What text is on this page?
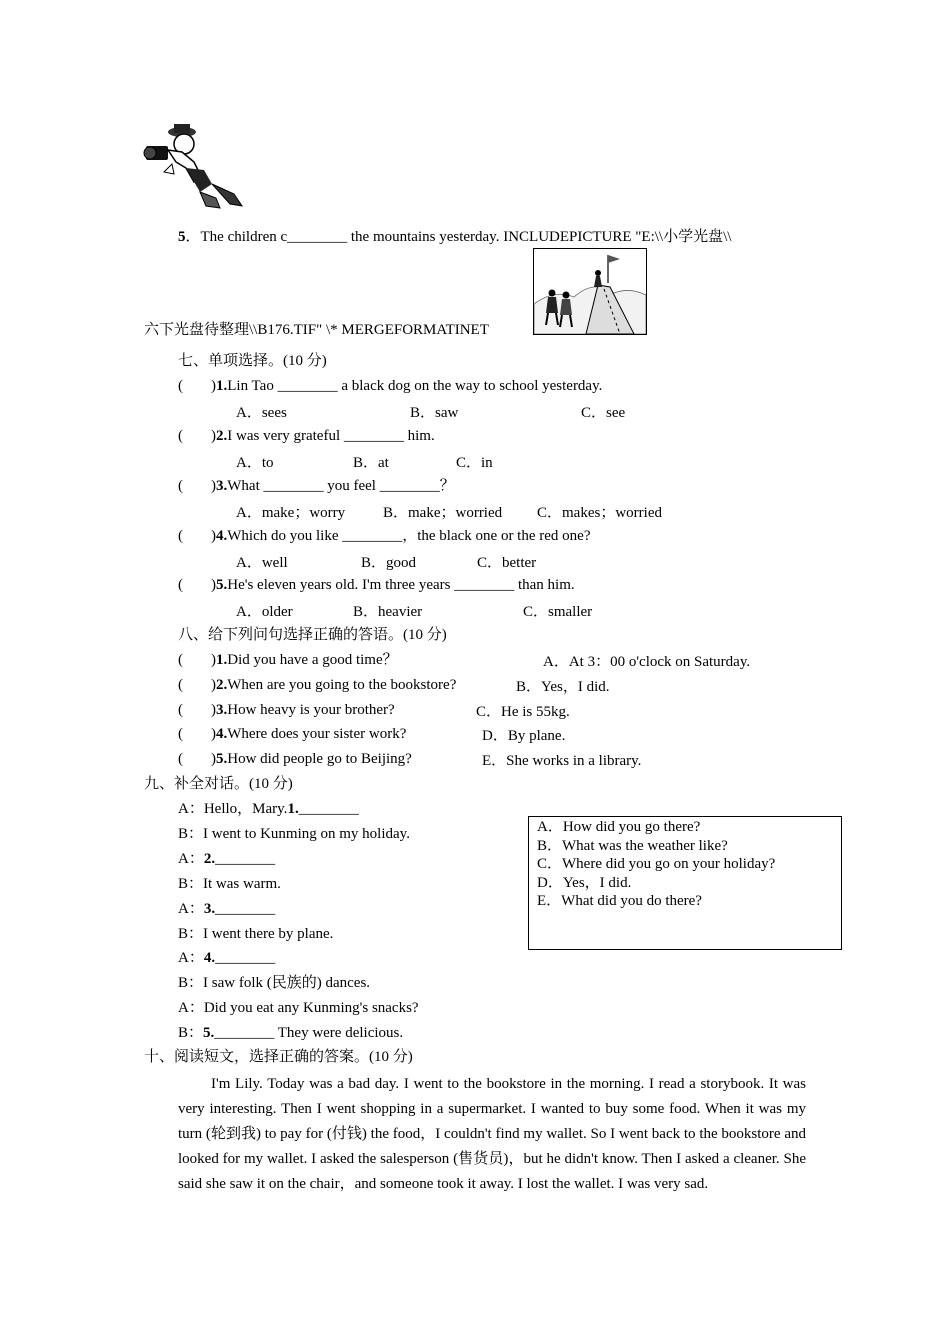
5．The children c________ the mountains yesterday. INCLUDEPICTURE "E:\\小学光盘\\
六下光盘待整理\\B176.TIF" \* MERGEFORMATINET
七、单项选择。(10 分)
( )1.Lin Tao ________ a black dog on the way to school yesterday.
A．sees	B．saw	C．see
( )2.I was very grateful ________ him.
A．to	B．at	C．in
( )3.What ________ you feel ________？
A．make；worry	B．make；worried C．makes；worried
( )4.Which do you like ________，the black one or the red one?
A．well	B．good	C．better
( )5.He's eleven years old. I'm three years ________ than him.
A．older	B．heavier	C．smaller
八、给下列问句选择正确的答语。(10 分)
( )1.Did you have a good time？	A．At 3：00 o'clock on Saturday.
( )2.When are you going to the bookstore?	B．Yes，I did.
( )3.How heavy is your brother?	C．He is 55kg.
( )4.Where does your sister work?	D．By plane.
( )5.How did people go to Beijing?	E．She works in a library.
九、补全对话。(10 分)
A：Hello，Mary.1.________
B：I went to Kunming on my holiday.
A：2.________
B：It was warm.
A：3.________
B：I went there by plane.
A：4.________
B：I saw folk (民族的) dances.
A：Did you eat any Kunming's snacks?
B：5.________ They were delicious.
A．How did you go there?
B．What was the weather like?
C．Where did you go on your holiday?
D．Yes，I did.
E．What did you do there?
十、阅读短文，选择正确的答案。(10 分)
I'm Lily. Today was a bad day. I went to the bookstore in the morning. I read a storybook. It was very interesting. Then I went shopping in a supermarket. I wanted to buy some food. When it was my turn (轮到我) to pay for (付钱) the food，I couldn't find my wallet. So I went back to the bookstore and looked for my wallet. I asked the salesperson (售货员)，but he didn't know. Then I asked a cleaner. She said she saw it on the chair，and someone took it away. I lost the wallet. I was very sad.
